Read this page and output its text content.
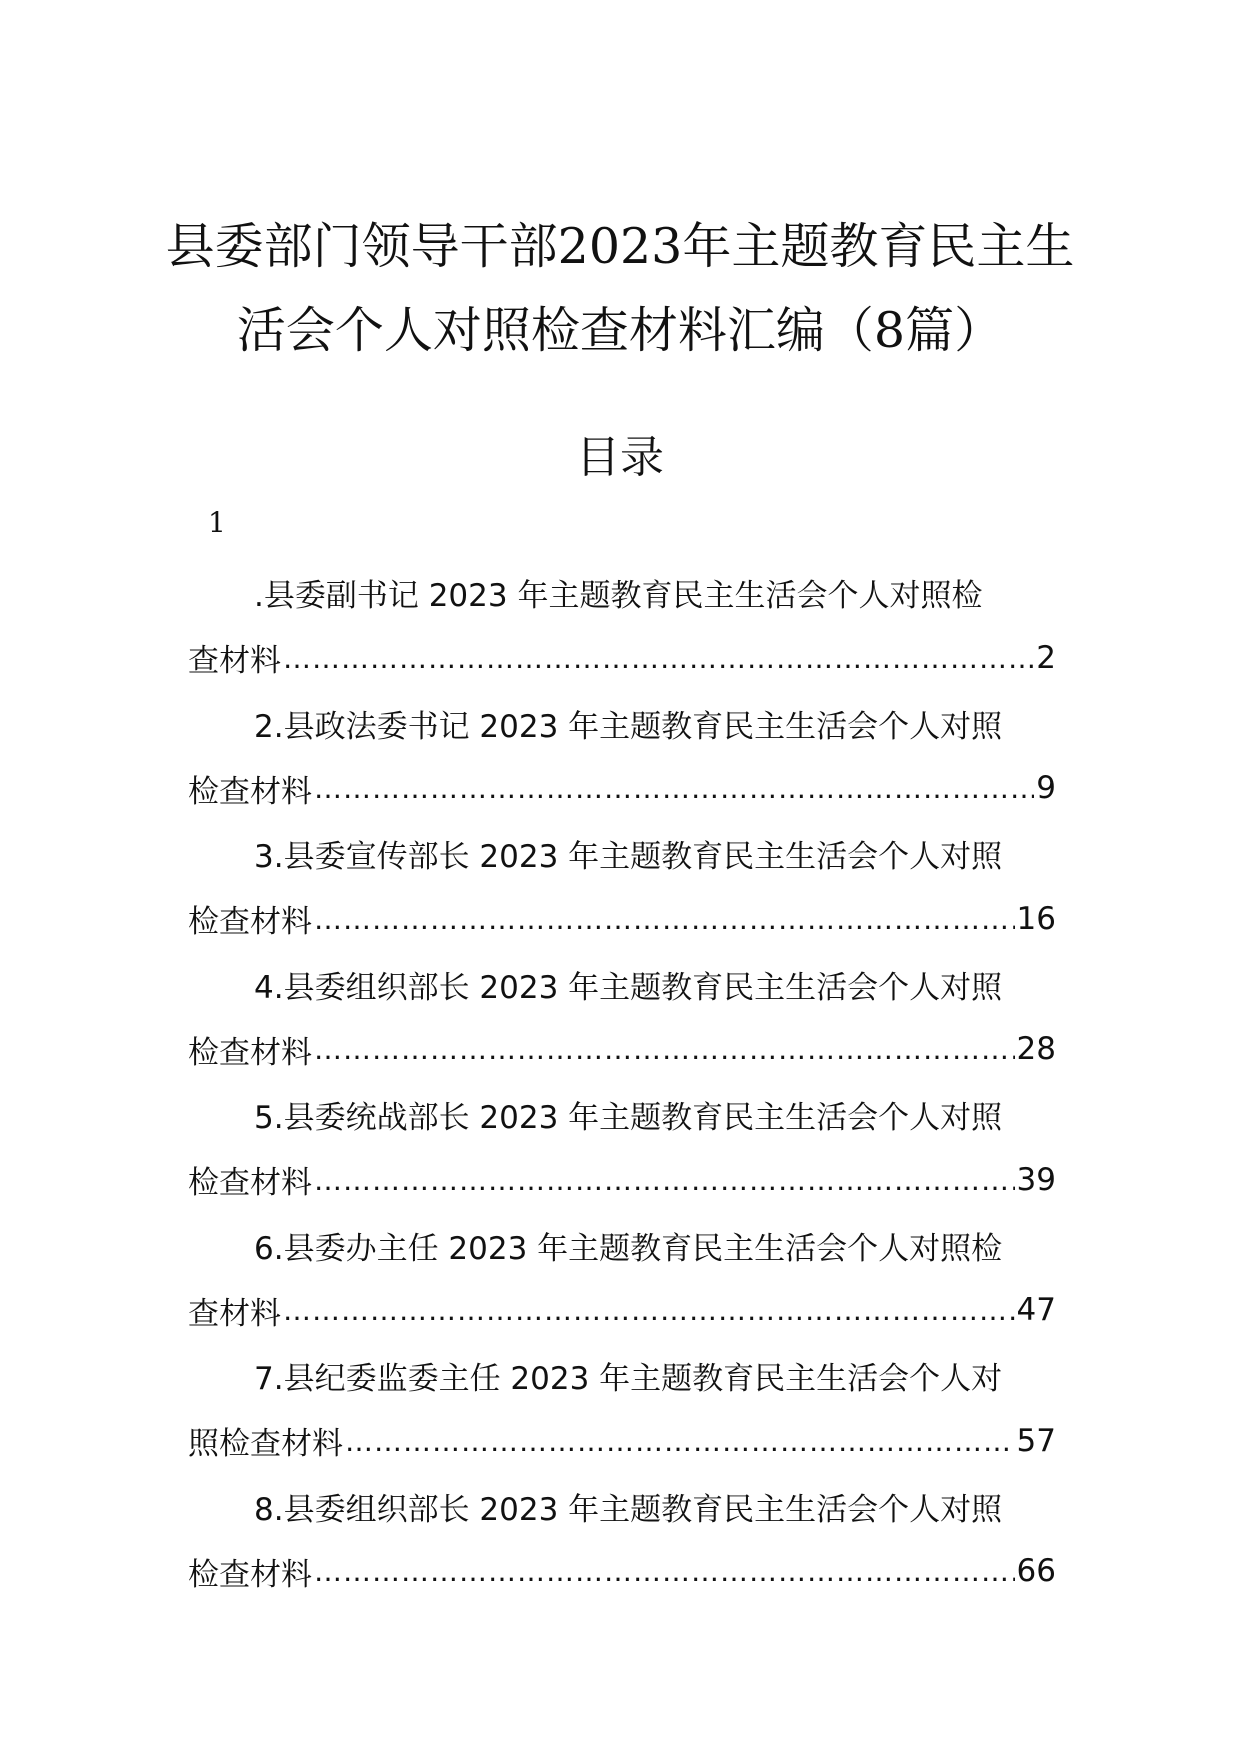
县委部门领导干部2023年主题教育民主生
活会个人对照检查材料汇编（8篇）
目录
1
.县委副书记 2023 年主题教育民主生活会个人对照检
查材料 ……………………………………………………………………………………………………………………………………………………………………	2
2.县政法委书记 2023 年主题教育民主生活会个人对照
检查材料 ……………………………………………………………………………………………………………………………………………………………………	9
3.县委宣传部长 2023 年主题教育民主生活会个人对照
检查材料 ……………………………………………………………………………………………………………………………………………………………………	16
4.县委组织部长 2023 年主题教育民主生活会个人对照
检查材料 ……………………………………………………………………………………………………………………………………………………………………	28
5.县委统战部长 2023 年主题教育民主生活会个人对照
检查材料 ……………………………………………………………………………………………………………………………………………………………………	39
6.县委办主任 2023 年主题教育民主生活会个人对照检
查材料 ……………………………………………………………………………………………………………………………………………………………………	47
7.县纪委监委主任 2023 年主题教育民主生活会个人对
照检查材料 ……………………………………………………………………………………………………………………………………………………………………	57
8.县委组织部长 2023 年主题教育民主生活会个人对照
检查材料 ……………………………………………………………………………………………………………………………………………………………………	66
